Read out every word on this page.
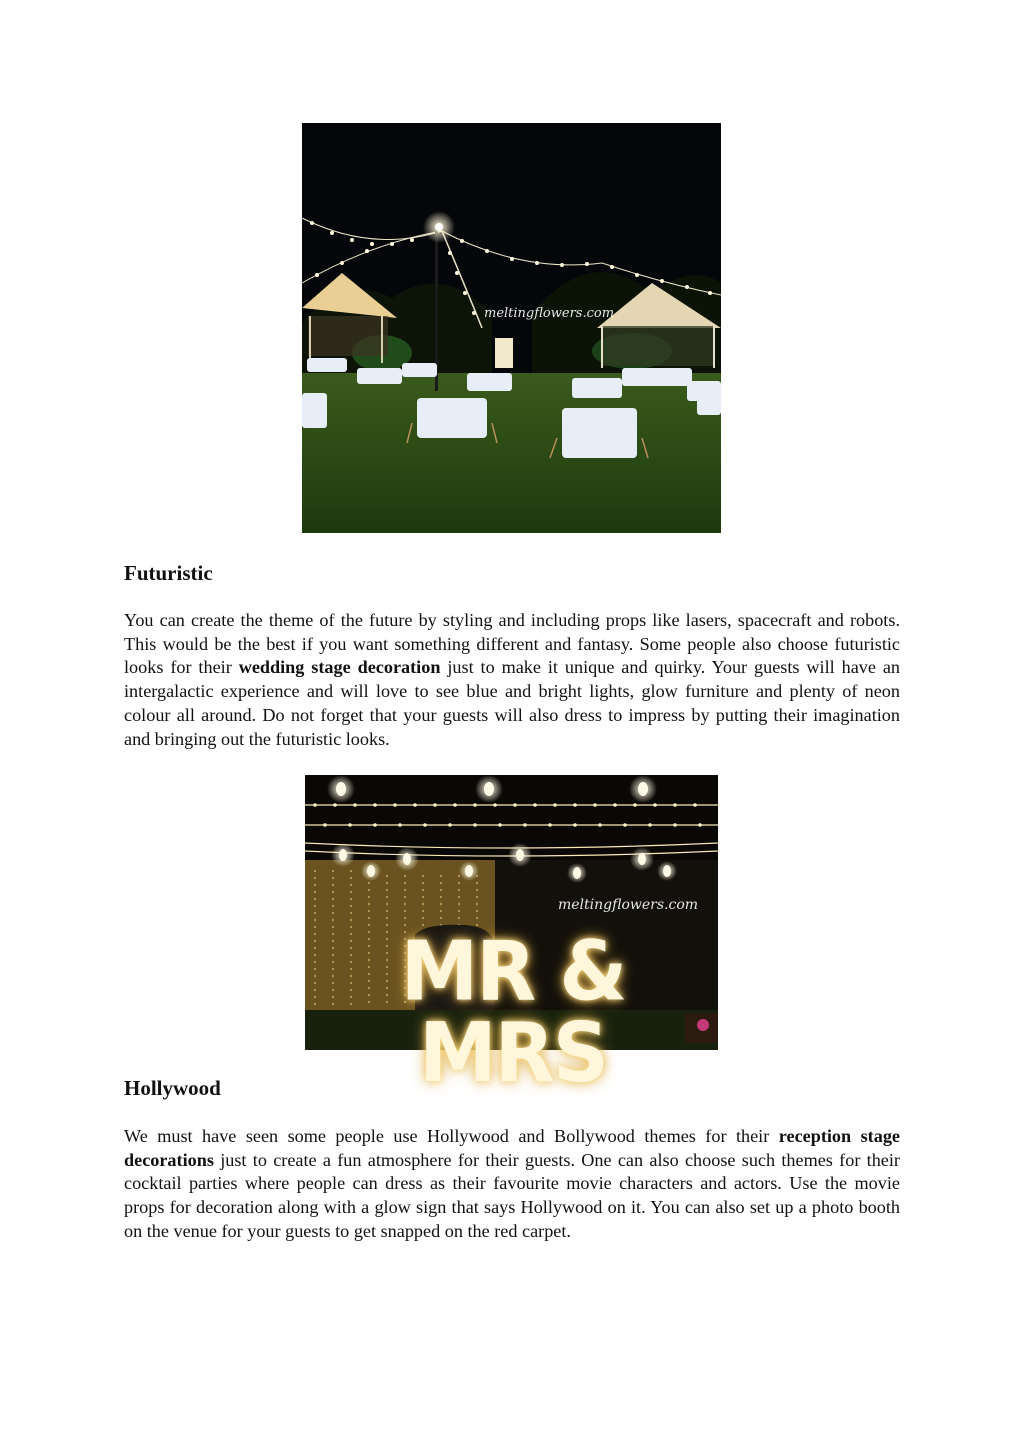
meltingflowers.com
Futuristic

You can create the theme of the future by styling and including props like lasers, spacecraft and robots. This would be the best if you want something different and fantasy. Some people also choose futuristic looks for their wedding stage decoration just to make it unique and quirky. Your guests will have an intergalactic experience and will love to see blue and bright lights, glow furniture and plenty of neon colour all around. Do not forget that your guests will also dress to impress by putting their imagination and bringing out the futuristic looks.

MR & MRS
meltingflowers.com
Hollywood

We must have seen some people use Hollywood and Bollywood themes for their reception stage decorations just to create a fun atmosphere for their guests. One can also choose such themes for their cocktail parties where people can dress as their favourite movie characters and actors. Use the movie props for decoration along with a glow sign that says Hollywood on it. You can also set up a photo booth on the venue for your guests to get snapped on the red carpet.
